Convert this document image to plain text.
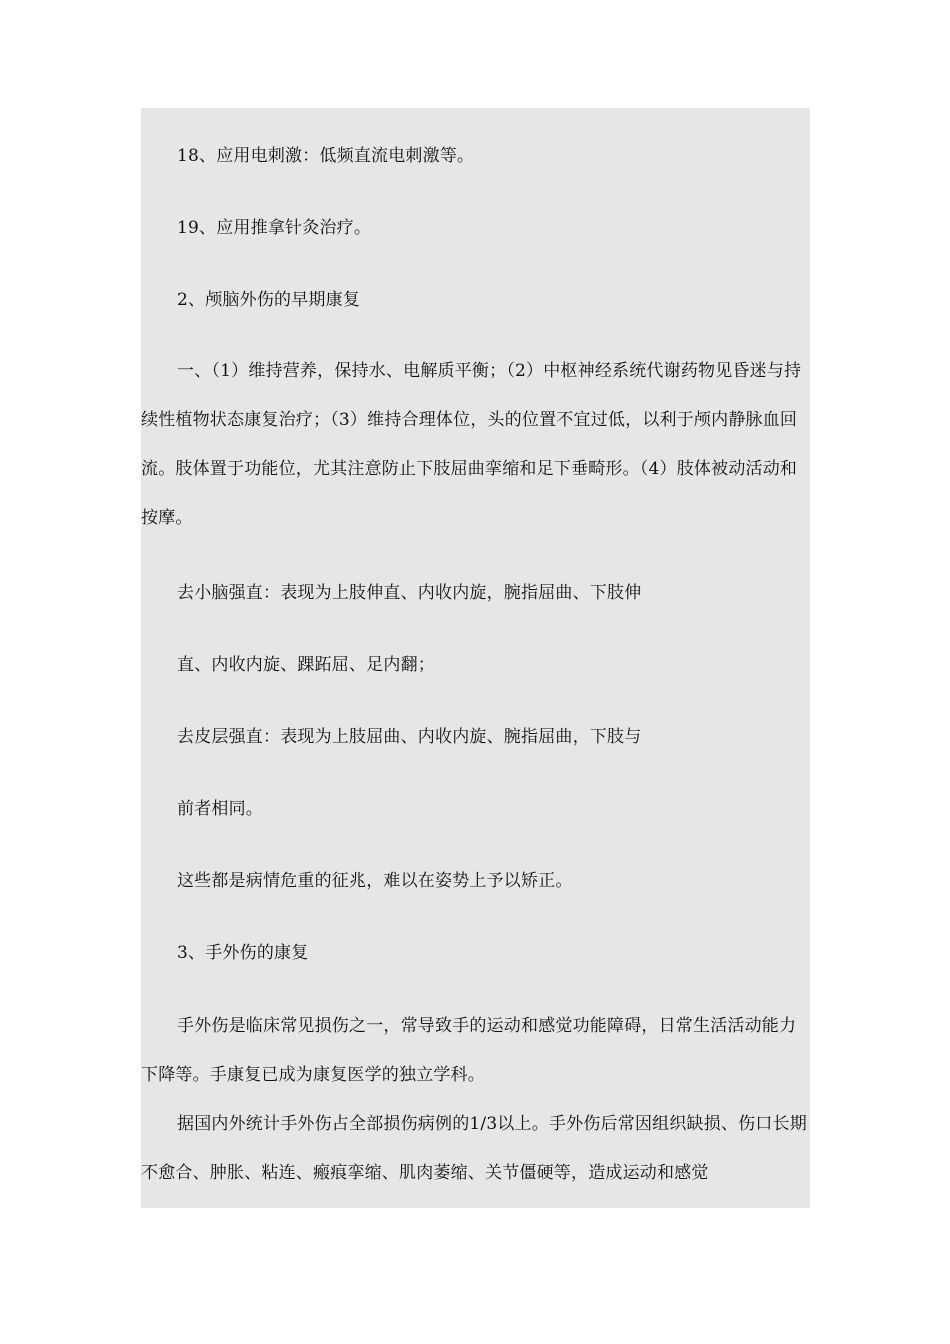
18、应用电刺激：低频直流电刺激等。

19、应用推拿针灸治疗。

2、颅脑外伤的早期康复

一、（1）维持营养，保持水、电解质平衡；（2）中枢神经系统代谢药物见昏迷与持续性植物状态康复治疗；（3）维持合理体位，头的位置不宜过低，以利于颅内静脉血回流。肢体置于功能位，尤其注意防止下肢屈曲挛缩和足下垂畸形。（4）肢体被动活动和按摩。

去小脑强直：表现为上肢伸直、内收内旋，腕指屈曲、下肢伸

直、内收内旋、踝跖屈、足内翻；

去皮层强直：表现为上肢屈曲、内收内旋、腕指屈曲，下肢与

前者相同。

这些都是病情危重的征兆，难以在姿势上予以矫正。

3、手外伤的康复

手外伤是临床常见损伤之一，常导致手的运动和感觉功能障碍，日常生活活动能力下降等。手康复已成为康复医学的独立学科。

据国内外统计手外伤占全部损伤病例的1/3以上。手外伤后常因组织缺损、伤口长期不愈合、肿胀、粘连、瘢痕挛缩、肌肉萎缩、关节僵硬等，造成运动和感觉
